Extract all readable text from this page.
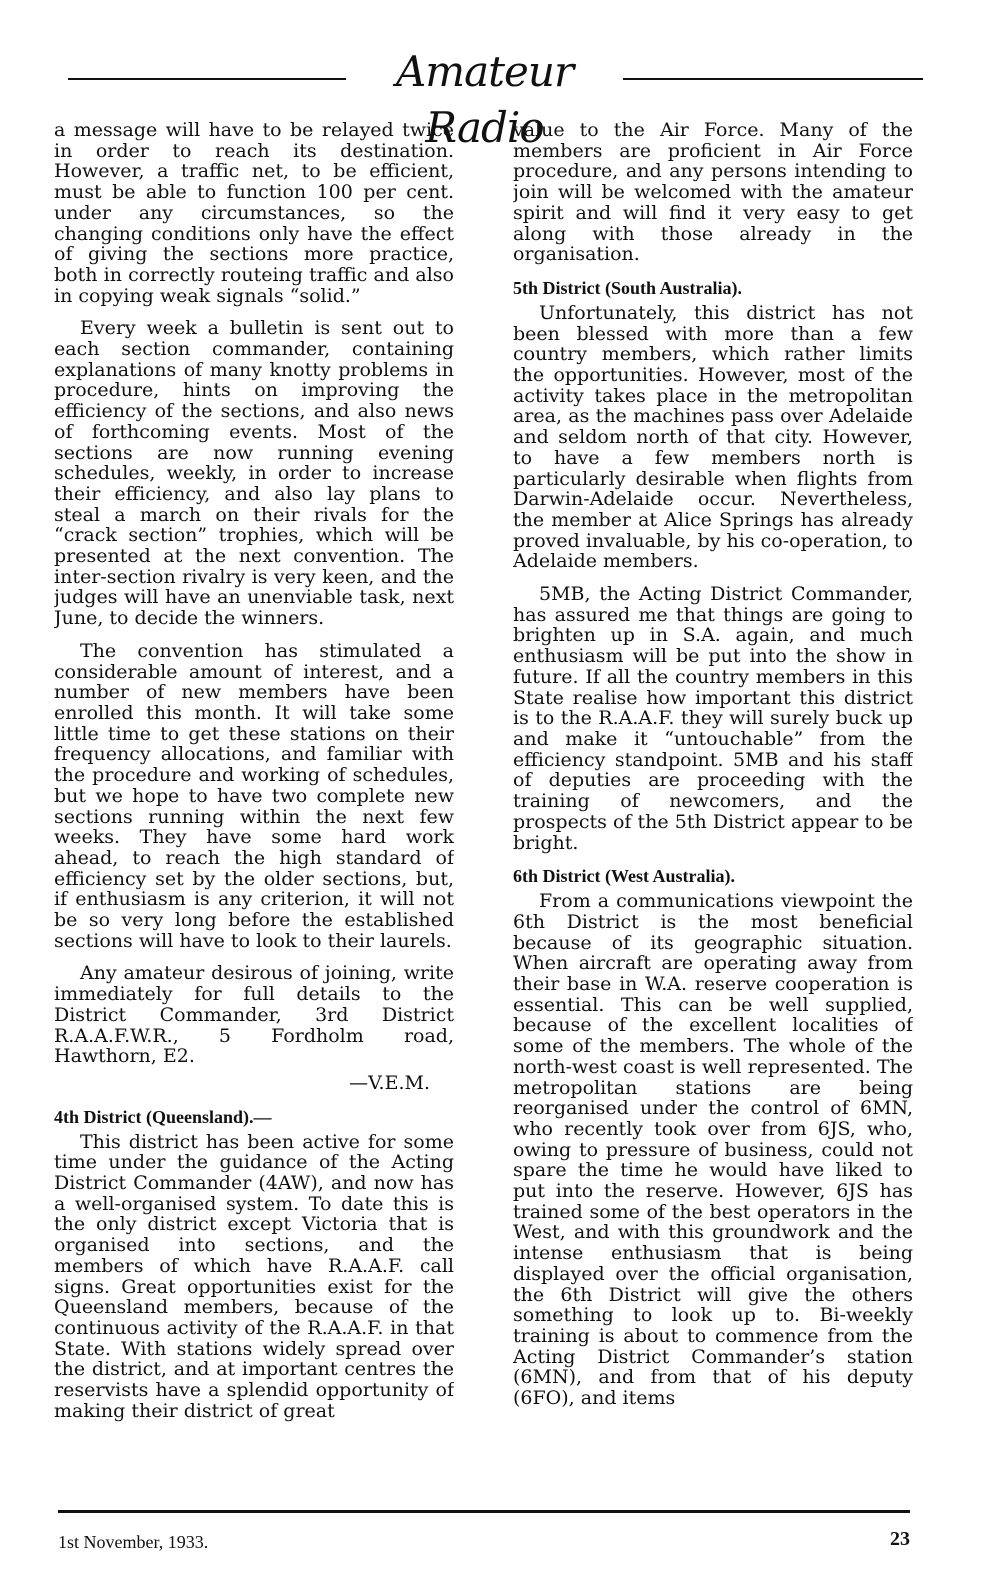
Amateur Radio

a message will have to be relayed twice in order to reach its destination. However, a traffic net, to be efficient, must be able to function 100 per cent. under any circumstances, so the changing conditions only have the effect of giving the sections more practice, both in correctly routeing traffic and also in copying weak signals “solid.”

Every week a bulletin is sent out to each section commander, containing explanations of many knotty problems in procedure, hints on improving the efficiency of the sections, and also news of forthcoming events. Most of the sections are now running evening schedules, weekly, in order to increase their efficiency, and also lay plans to steal a march on their rivals for the “crack section” trophies, which will be presented at the next convention. The inter-section rivalry is very keen, and the judges will have an unenviable task, next June, to decide the winners.

The convention has stimulated a considerable amount of interest, and a number of new members have been enrolled this month. It will take some little time to get these stations on their frequency allocations, and familiar with the procedure and working of schedules, but we hope to have two complete new sections running within the next few weeks. They have some hard work ahead, to reach the high standard of efficiency set by the older sections, but, if enthusiasm is any criterion, it will not be so very long before the established sections will have to look to their laurels.

Any amateur desirous of joining, write immediately for full details to the District Commander, 3rd District R.A.A.F.W.R., 5 Fordholm road, Hawthorn, E2.

—V.E.M.

4th District (Queensland).—

This district has been active for some time under the guidance of the Acting District Commander (4AW), and now has a well-organised system. To date this is the only district except Victoria that is organised into sections, and the members of which have R.A.A.F. call signs. Great opportunities exist for the Queensland members, because of the continuous activity of the R.A.A.F. in that State. With stations widely spread over the district, and at important centres the reservists have a splendid opportunity of making their district of great

value to the Air Force. Many of the members are proficient in Air Force procedure, and any persons intending to join will be welcomed with the amateur spirit and will find it very easy to get along with those already in the organisation.

5th District (South Australia).

Unfortunately, this district has not been blessed with more than a few country members, which rather limits the opportunities. However, most of the activity takes place in the metropolitan area, as the machines pass over Adelaide and seldom north of that city. However, to have a few members north is particularly desirable when flights from Darwin-Adelaide occur. Nevertheless, the member at Alice Springs has already proved invaluable, by his co-operation, to Adelaide members.

5MB, the Acting District Commander, has assured me that things are going to brighten up in S.A. again, and much enthusiasm will be put into the show in future. If all the country members in this State realise how important this district is to the R.A.A.F. they will surely buck up and make it “untouchable” from the efficiency standpoint. 5MB and his staff of deputies are proceeding with the training of newcomers, and the prospects of the 5th District appear to be bright.

6th District (West Australia).

From a communications viewpoint the 6th District is the most beneficial because of its geographic situation. When aircraft are operating away from their base in W.A. reserve cooperation is essential. This can be well supplied, because of the excellent localities of some of the members. The whole of the north-west coast is well represented. The metropolitan stations are being reorganised under the control of 6MN, who recently took over from 6JS, who, owing to pressure of business, could not spare the time he would have liked to put into the reserve. However, 6JS has trained some of the best operators in the West, and with this groundwork and the intense enthusiasm that is being displayed over the official organisation, the 6th District will give the others something to look up to. Bi-weekly training is about to commence from the Acting District Commander’s station (6MN), and from that of his deputy (6FO), and items

1st November, 1933.	23
